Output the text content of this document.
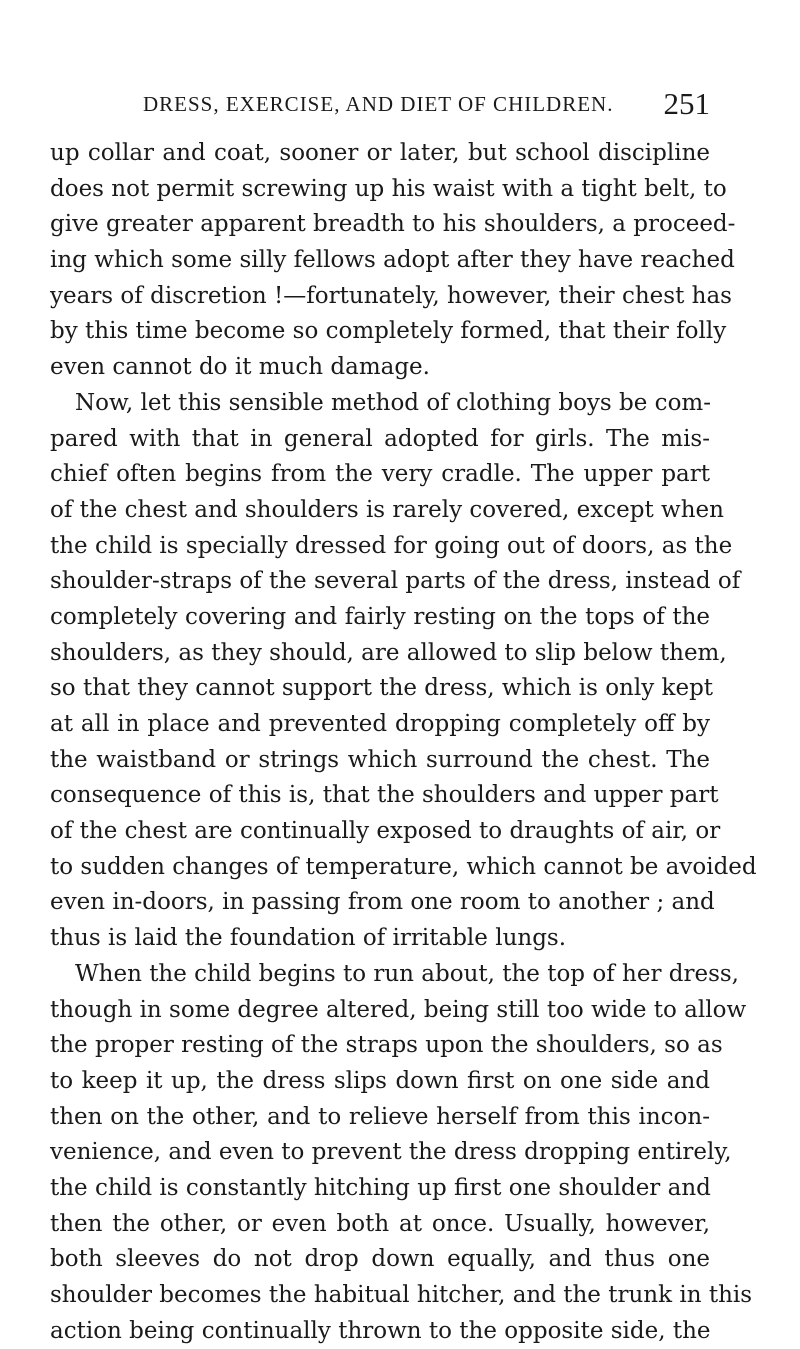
DRESS, EXERCISE, AND DIET OF CHILDREN. 251
up collar and coat, sooner or later, but school discipline
does not permit screwing up his waist with a tight belt, to
give greater apparent breadth to his shoulders, a proceed-
ing which some silly fellows adopt after they have reached
years of discretion !—fortunately, however, their chest has
by this time become so completely formed, that their folly
even cannot do it much damage.
Now, let this sensible method of clothing boys be com-
pared with that in general adopted for girls. The mis-
chief often begins from the very cradle. The upper part
of the chest and shoulders is rarely covered, except when
the child is specially dressed for going out of doors, as the
shoulder-straps of the several parts of the dress, instead of
completely covering and fairly resting on the tops of the
shoulders, as they should, are allowed to slip below them,
so that they cannot support the dress, which is only kept
at all in place and prevented dropping completely off by
the waistband or strings which surround the chest. The
consequence of this is, that the shoulders and upper part
of the chest are continually exposed to draughts of air, or
to sudden changes of temperature, which cannot be avoided
even in-doors, in passing from one room to another ; and
thus is laid the foundation of irritable lungs.
When the child begins to run about, the top of her dress,
though in some degree altered, being still too wide to allow
the proper resting of the straps upon the shoulders, so as
to keep it up, the dress slips down first on one side and
then on the other, and to relieve herself from this incon-
venience, and even to prevent the dress dropping entirely,
the child is constantly hitching up first one shoulder and
then the other, or even both at once. Usually, however,
both sleeves do not drop down equally, and thus one
shoulder becomes the habitual hitcher, and the trunk in this
action being continually thrown to the opposite side, the
